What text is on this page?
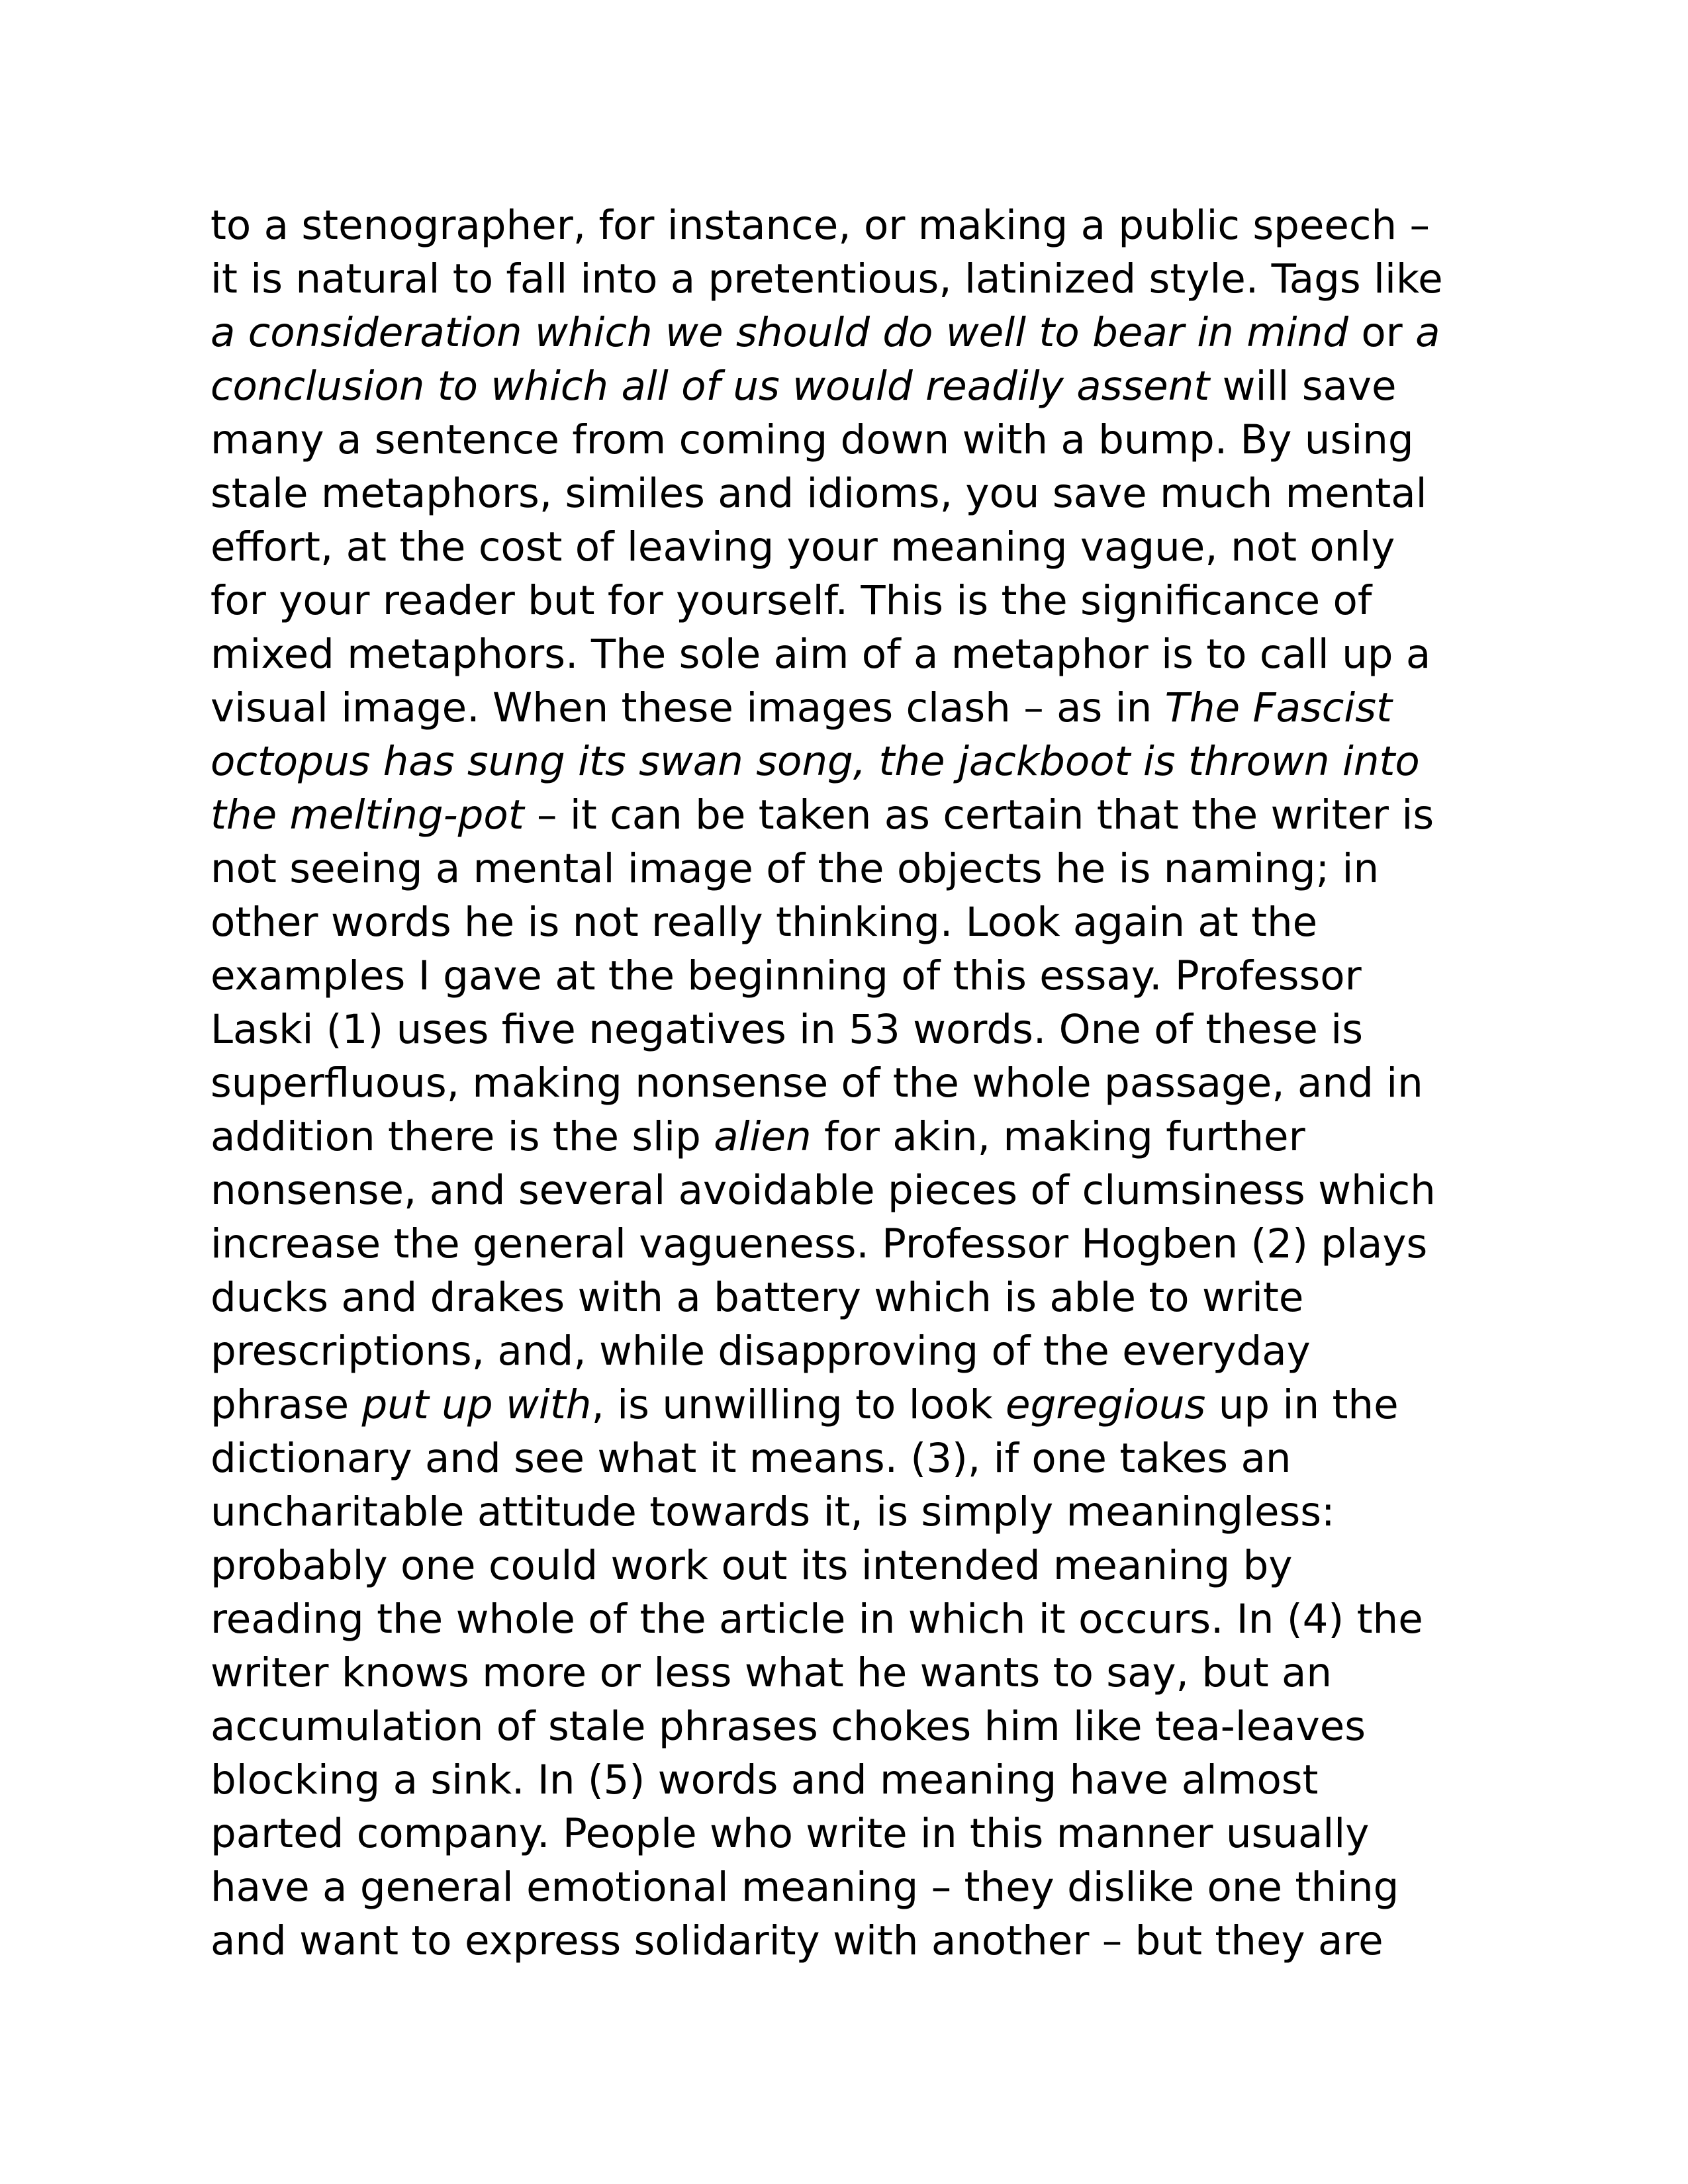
to a stenographer, for instance, or making a public speech –
it is natural to fall into a pretentious, latinized style. Tags like
a consideration which we should do well to bear in mind or a
conclusion to which all of us would readily assent will save
many a sentence from coming down with a bump. By using
stale metaphors, similes and idioms, you save much mental
effort, at the cost of leaving your meaning vague, not only
for your reader but for yourself. This is the significance of
mixed metaphors. The sole aim of a metaphor is to call up a
visual image. When these images clash – as in The Fascist
octopus has sung its swan song, the jackboot is thrown into
the melting-pot – it can be taken as certain that the writer is
not seeing a mental image of the objects he is naming; in
other words he is not really thinking. Look again at the
examples I gave at the beginning of this essay. Professor
Laski (1) uses five negatives in 53 words. One of these is
superfluous, making nonsense of the whole passage, and in
addition there is the slip alien for akin, making further
nonsense, and several avoidable pieces of clumsiness which
increase the general vagueness. Professor Hogben (2) plays
ducks and drakes with a battery which is able to write
prescriptions, and, while disapproving of the everyday
phrase put up with, is unwilling to look egregious up in the
dictionary and see what it means. (3), if one takes an
uncharitable attitude towards it, is simply meaningless:
probably one could work out its intended meaning by
reading the whole of the article in which it occurs. In (4) the
writer knows more or less what he wants to say, but an
accumulation of stale phrases chokes him like tea-leaves
blocking a sink. In (5) words and meaning have almost
parted company. People who write in this manner usually
have a general emotional meaning – they dislike one thing
and want to express solidarity with another – but they are
